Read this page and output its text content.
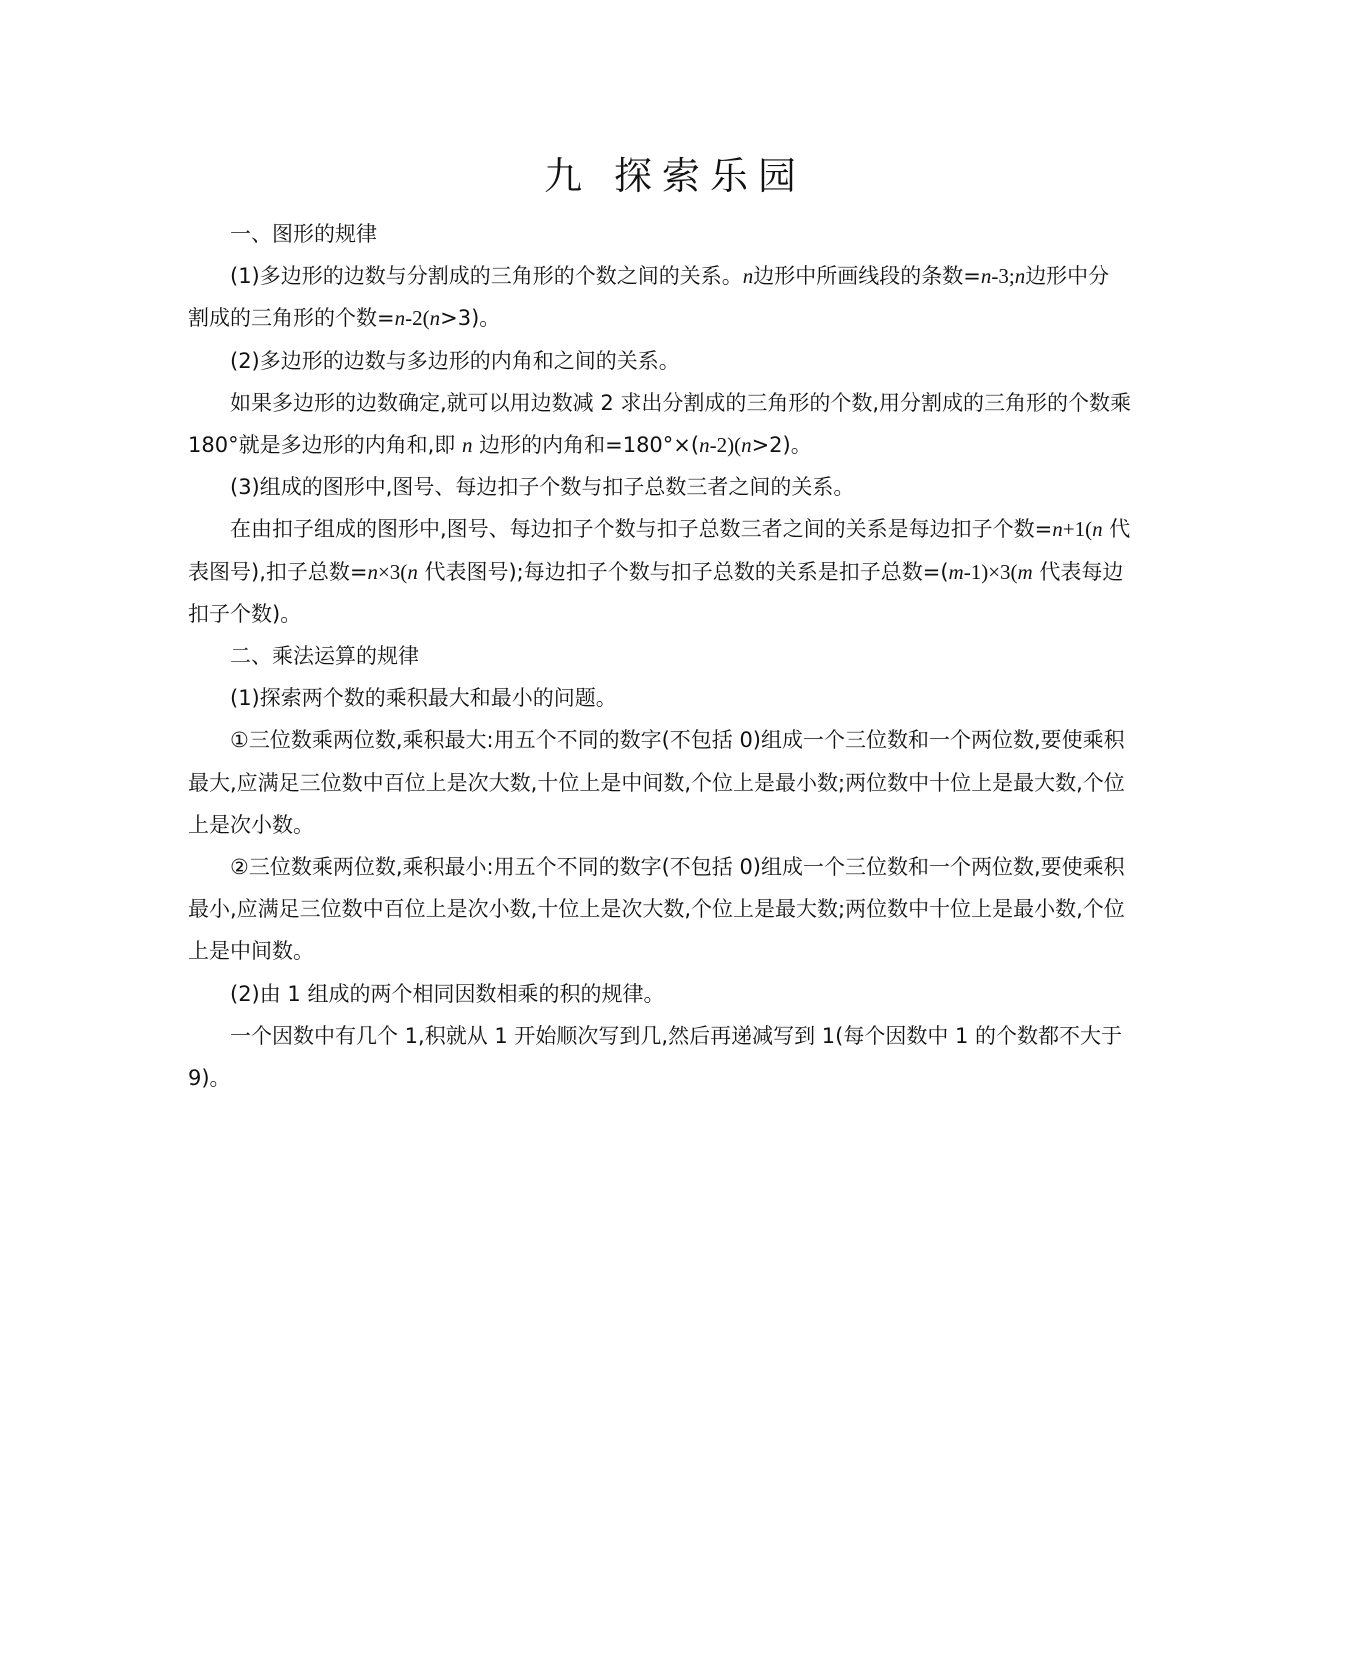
九 探索乐园

一、图形的规律

(1)多边形的边数与分割成的三角形的个数之间的关系。n边形中所画线段的条数=n-3;n边形中分

割成的三角形的个数=n-2(n>3)。

(2)多边形的边数与多边形的内角和之间的关系。

如果多边形的边数确定,就可以用边数减 2 求出分割成的三角形的个数,用分割成的三角形的个数乘

180°就是多边形的内角和,即 n 边形的内角和=180°×(n-2)(n>2)。

(3)组成的图形中,图号、每边扣子个数与扣子总数三者之间的关系。

在由扣子组成的图形中,图号、每边扣子个数与扣子总数三者之间的关系是每边扣子个数=n+1(n 代

表图号),扣子总数=n×3(n 代表图号);每边扣子个数与扣子总数的关系是扣子总数=(m-1)×3(m 代表每边

扣子个数)。

二、乘法运算的规律

(1)探索两个数的乘积最大和最小的问题。

①三位数乘两位数,乘积最大:用五个不同的数字(不包括 0)组成一个三位数和一个两位数,要使乘积

最大,应满足三位数中百位上是次大数,十位上是中间数,个位上是最小数;两位数中十位上是最大数,个位

上是次小数。

②三位数乘两位数,乘积最小:用五个不同的数字(不包括 0)组成一个三位数和一个两位数,要使乘积

最小,应满足三位数中百位上是次小数,十位上是次大数,个位上是最大数;两位数中十位上是最小数,个位

上是中间数。

(2)由 1 组成的两个相同因数相乘的积的规律。

一个因数中有几个 1,积就从 1 开始顺次写到几,然后再递减写到 1(每个因数中 1 的个数都不大于

9)。
